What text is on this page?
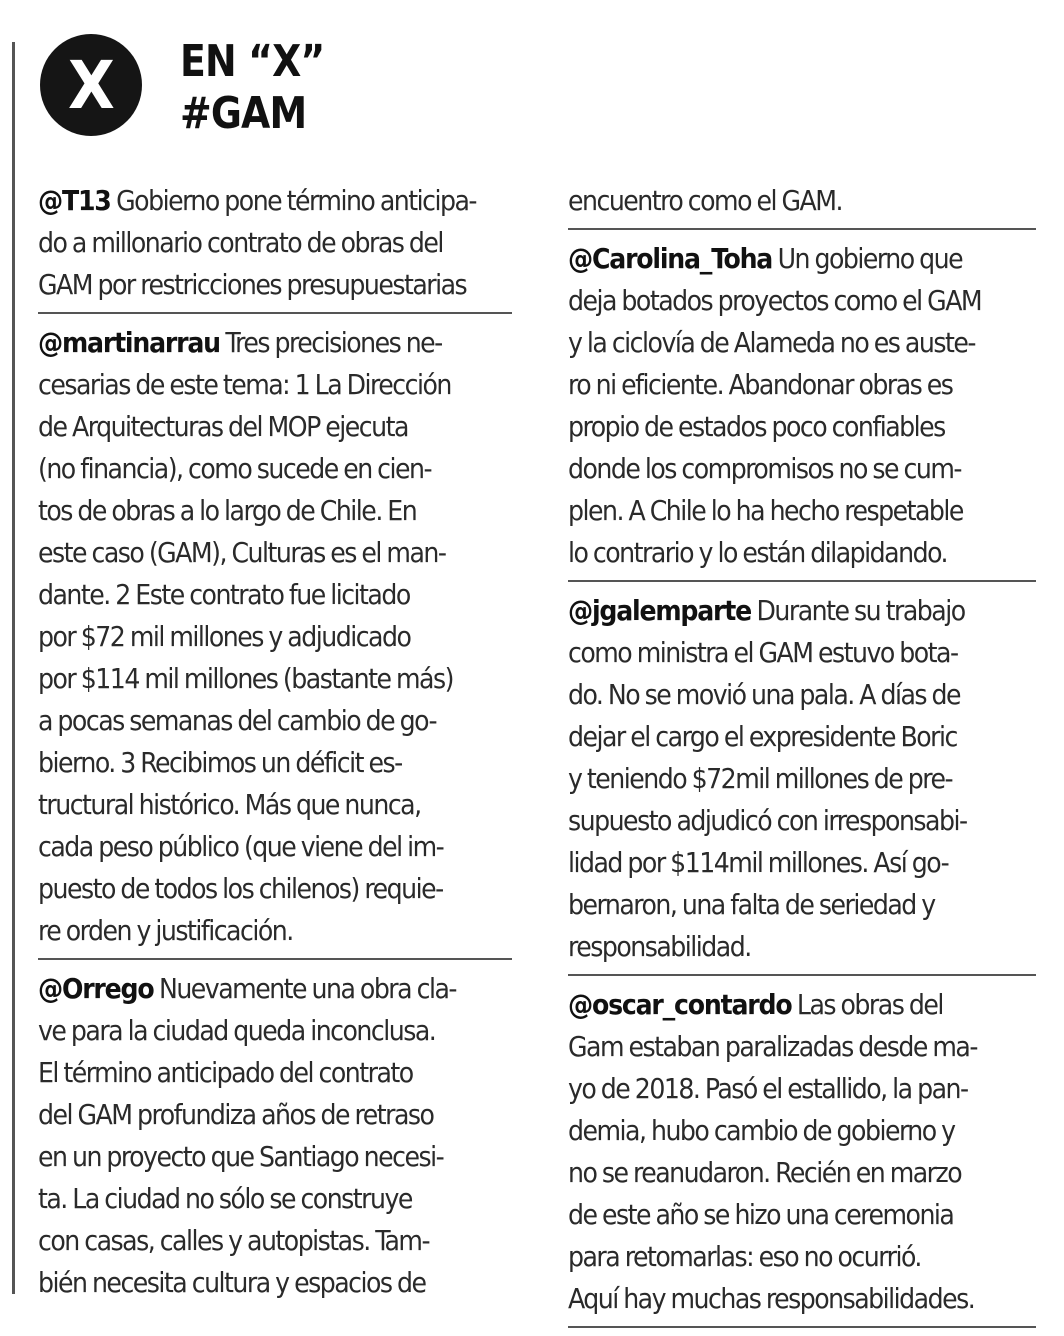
X EN “X”
#GAM
@T13 Gobierno pone término anticipa-
do a millonario contrato de obras del
GAM por restricciones presupuestarias
@martinarrau Tres precisiones ne-
cesarias de este tema: 1 La Dirección
de Arquitecturas del MOP ejecuta
(no financia), como sucede en cien-
tos de obras a lo largo de Chile. En
este caso (GAM), Culturas es el man-
dante. 2 Este contrato fue licitado
por $72 mil millones y adjudicado
por $114 mil millones (bastante más)
a pocas semanas del cambio de go-
bierno. 3 Recibimos un déficit es-
tructural histórico. Más que nunca,
cada peso público (que viene del im-
puesto de todos los chilenos) requie-
re orden y justificación.
@Orrego Nuevamente una obra cla-
ve para la ciudad queda inconclusa.
El término anticipado del contrato
del GAM profundiza años de retraso
en un proyecto que Santiago necesi-
ta. La ciudad no sólo se construye
con casas, calles y autopistas. Tam-
bién necesita cultura y espacios de
encuentro como el GAM.
@Carolina_Toha Un gobierno que
deja botados proyectos como el GAM
y la ciclovía de Alameda no es auste-
ro ni eficiente. Abandonar obras es
propio de estados poco confiables
donde los compromisos no se cum-
plen. A Chile lo ha hecho respetable
lo contrario y lo están dilapidando.
@jgalemparte Durante su trabajo
como ministra el GAM estuvo bota-
do. No se movió una pala. A días de
dejar el cargo el expresidente Boric
y teniendo $72mil millones de pre-
supuesto adjudicó con irresponsabi-
lidad por $114mil millones. Así go-
bernaron, una falta de seriedad y
responsabilidad.
@oscar_contardo Las obras del
Gam estaban paralizadas desde ma-
yo de 2018. Pasó el estallido, la pan-
demia, hubo cambio de gobierno y
no se reanudaron. Recién en marzo
de este año se hizo una ceremonia
para retomarlas: eso no ocurrió.
Aquí hay muchas responsabilidades.
